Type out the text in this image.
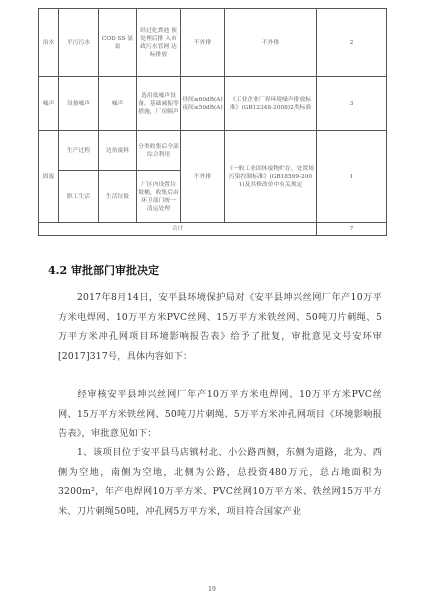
治水	平污污水	COD SS 氨氮	经过化粪池 预处理后排 入市政污水管网 达标排放	不外排	不外排	2
噪声	设备噪声	噪声	选用低噪声设 备，基础减振等 措施，厂房隔声	昼间≤60dB(A) 夜间≤50dB(A)	《工业企业厂界环境噪声排放标准》(GB12348-2008)2类标准	3
固废	生产过程	边角废料	分类收集后全部 综合利用	不外排	《一般工业固体废物贮存、处置场污染控制标准》(GB18599-2001)及其修改单中有关规定	1
	职工生活	生活垃圾	厂区内设置垃 圾桶，收集后由 环卫部门统一 清运处理			
合计						7
4.2 审批部门审批决定
2017年8月14日，安平县环境保护局对《安平县坤兴丝网厂年产10万平方米电焊网、10万平方米PVC丝网、15万平方米铁丝网、50吨刀片刺绳、5万平方米冲孔网项目环境影响报告表》给予了批复，审批意见文号安环审[2017]317号，具体内容如下：
经审核安平县坤兴丝网厂年产10万平方米电焊网、10万平方米PVC丝网、15万平方米铁丝网、50吨刀片刺绳、5万平方米冲孔网项目《环境影响报告表》，审批意见如下：
1、该项目位于安平县马店镇村北、小公路西侧，东侧为道路，北为、西侧为空地，南侧为空地，北侧为公路，总投资480万元，总占地面积为3200m²，年产电焊网10万平方米、PVC丝网10万平方米、铁丝网15万平方米、刀片刺绳50吨，冲孔网5万平方米，项目符合国家产业
19
